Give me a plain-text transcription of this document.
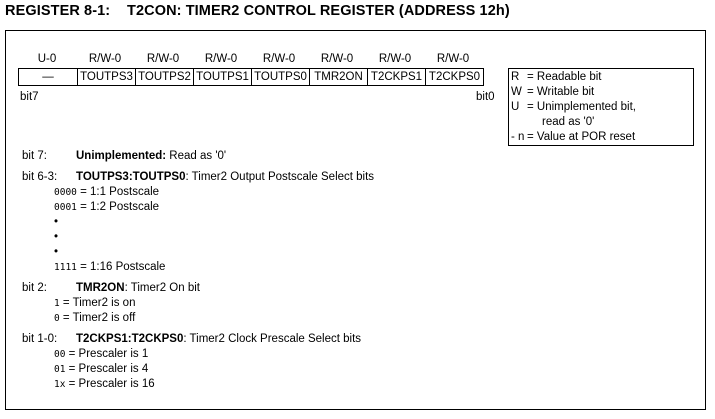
REGISTER 8-1: T2CON: TIMER2 CONTROL REGISTER (ADDRESS 12h)
U-0	R/W-0	R/W-0	R/W-0	R/W-0	R/W-0	R/W-0	R/W-0
—	TOUTPS3 TOUTPS2 TOUTPS1 TOUTPS0 TMR2ON T2CKPS1 T2CKPS0
bit7	bit0
R = Readable bit
W = Writable bit
U = Unimplemented bit,
read as '0'
- n = Value at POR reset
bit 7:	Unimplemented: Read as '0'
bit 6-3: TOUTPS3:TOUTPS0: Timer2 Output Postscale Select bits
0000 = 1:1 Postscale
0001 = 1:2 Postscale
•
•
•
1111 = 1:16 Postscale
bit 2:	TMR2ON: Timer2 On bit
1 = Timer2 is on
0 = Timer2 is off
bit 1-0: T2CKPS1:T2CKPS0: Timer2 Clock Prescale Select bits
00 = Prescaler is 1
01 = Prescaler is 4
1x = Prescaler is 16
